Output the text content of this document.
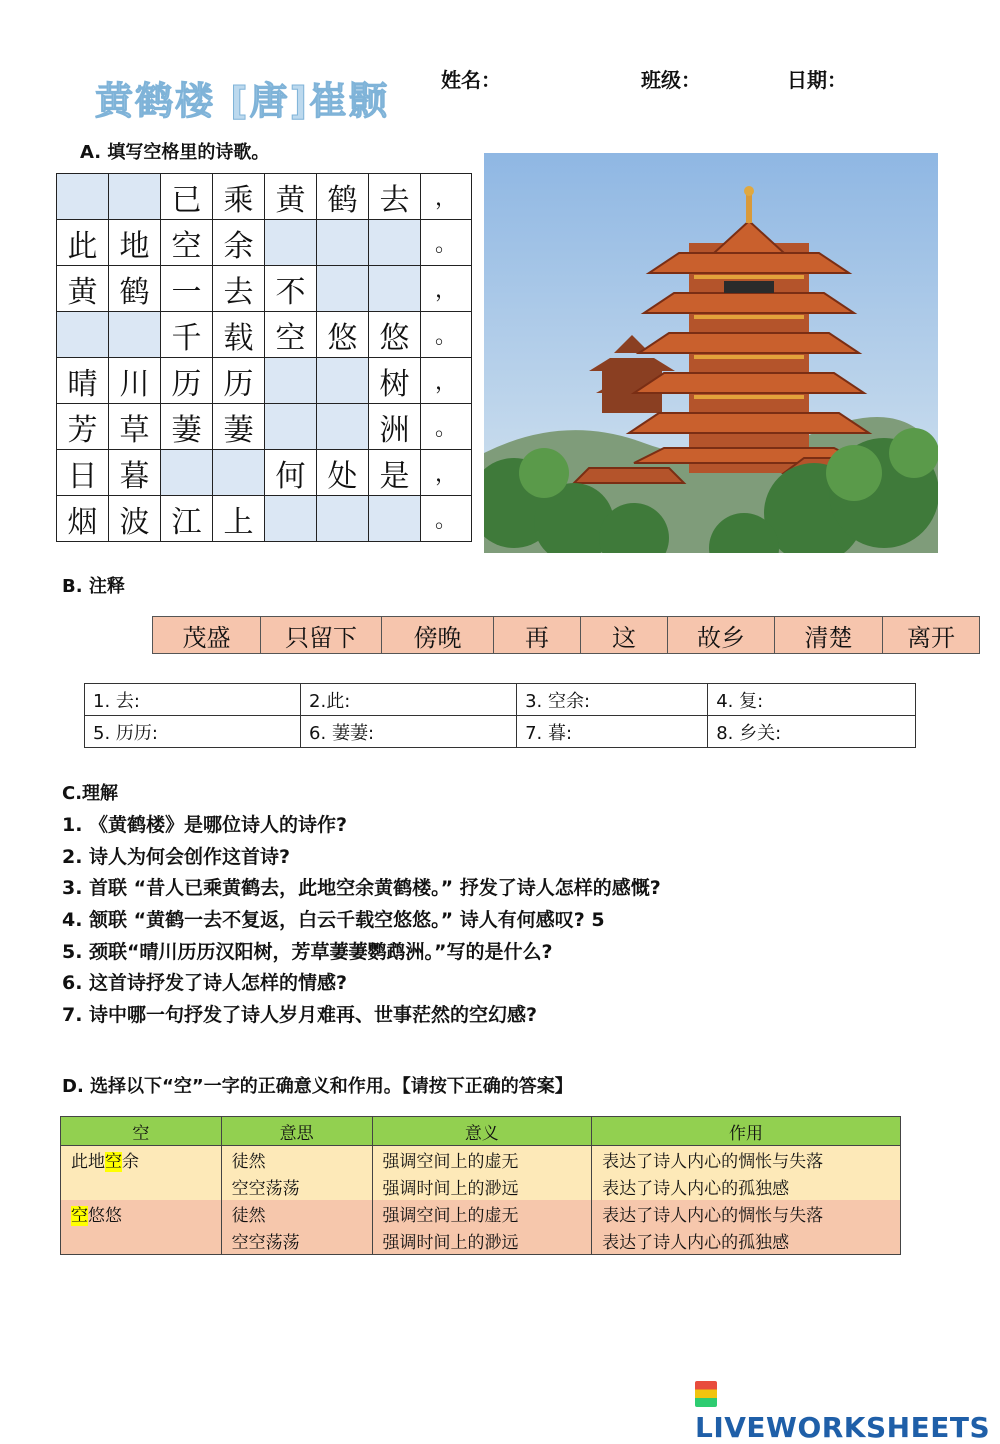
黄鹤楼 [唐]崔颢	姓名：	班级：	日期：
A. 填写空格里的诗歌。
		已	乘	黄	鹤	去	，
此	地	空	余				。
黄	鹤	一	去	不			，
		千	载	空	悠	悠	。
晴	川	历	历			树	，
芳	草	萋	萋			洲	。
日	暮			何	处	是	，
烟	波	江	上				。
B. 注释
茂盛	只留下	傍晚	再	这	故乡	清楚	离开
1. 去:	2.此:	3. 空余:	4. 复:
5. 历历:	6. 萋萋:	7. 暮:	8. 乡关:
C.理解
1. 《黄鹤楼》是哪位诗人的诗作?
2. 诗人为何会创作这首诗?
3. 首联 “昔人已乘黄鹤去，此地空余黄鹤楼。” 抒发了诗人怎样的感慨?
4. 颔联 “黄鹤一去不复返，白云千载空悠悠。” 诗人有何感叹? 5
5. 颈联“晴川历历汉阳树，芳草萋萋鹦鹉洲。”写的是什么?
6. 这首诗抒发了诗人怎样的情感?
7. 诗中哪一句抒发了诗人岁月难再、世事茫然的空幻感?
D. 选择以下“空”一字的正确意义和作用。【请按下正确的答案】
空	意思	意义	作用
此地空余	徒然	强调空间上的虚无	表达了诗人内心的惆怅与失落
	空空荡荡	强调时间上的渺远	表达了诗人内心的孤独感
空悠悠	徒然	强调空间上的虚无	表达了诗人内心的惆怅与失落
	空空荡荡	强调时间上的渺远	表达了诗人内心的孤独感
LIVEWORKSHEETS
